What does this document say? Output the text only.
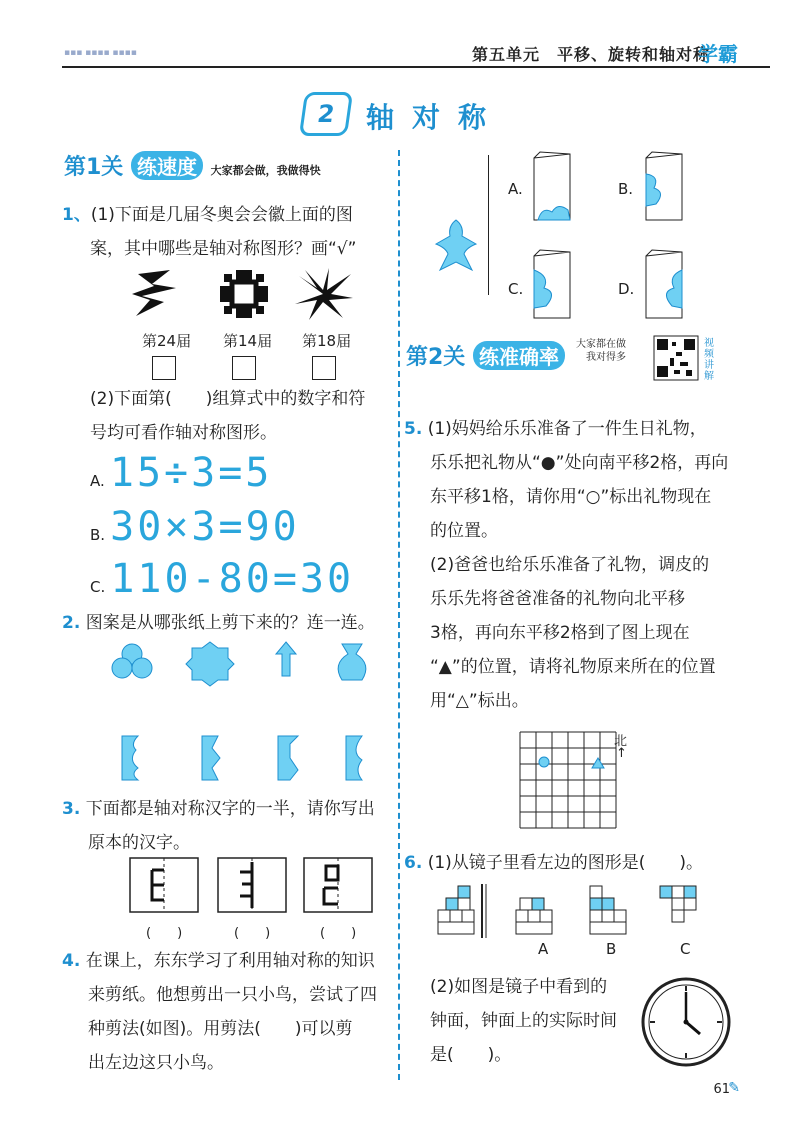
▪▪▪ ▪▪▪▪ ▪▪▪▪	第五单元　平移、旋转和轴对称
学霸
2	轴对称
第1关 练速度 大家都会做，我做得快
1、(1)下面是几届冬奥会会徽上面的图
案，其中哪些是轴对称图形？画“√”
第24届 第14届 第18届
(2)下面第(　　)组算式中的数字和符
号均可看作轴对称图形。
A. 15÷3=5
B. 30×3=90
C. 110-80=30
2. 图案是从哪张纸上剪下来的？连一连。
3. 下面都是轴对称汉字的一半，请你写出
原本的汉字。
(　　)	(　　)	(　　)
4. 在课上，东东学习了利用轴对称的知识
来剪纸。他想剪出一只小鸟，尝试了四
种剪法(如图)。用剪法(　　)可以剪
出左边这只小鸟。
A.	B.
C.	D.
第2关 练准确率
大家都在做
我对得多
视频讲解
5. (1)妈妈给乐乐准备了一件生日礼物，
乐乐把礼物从“●”处向南平移2格，再向
东平移1格，请你用“○”标出礼物现在
的位置。
(2)爸爸也给乐乐准备了礼物，调皮的
乐乐先将爸爸准备的礼物向北平移
3格，再向东平移2格到了图上现在
“▲”的位置，请将礼物原来所在的位置
用“△”标出。
北
↑
6. (1)从镜子里看左边的图形是(　　)。
A	B	C
(2)如图是镜子中看到的
钟面，钟面上的实际时间
是(　　)。
61
✎
